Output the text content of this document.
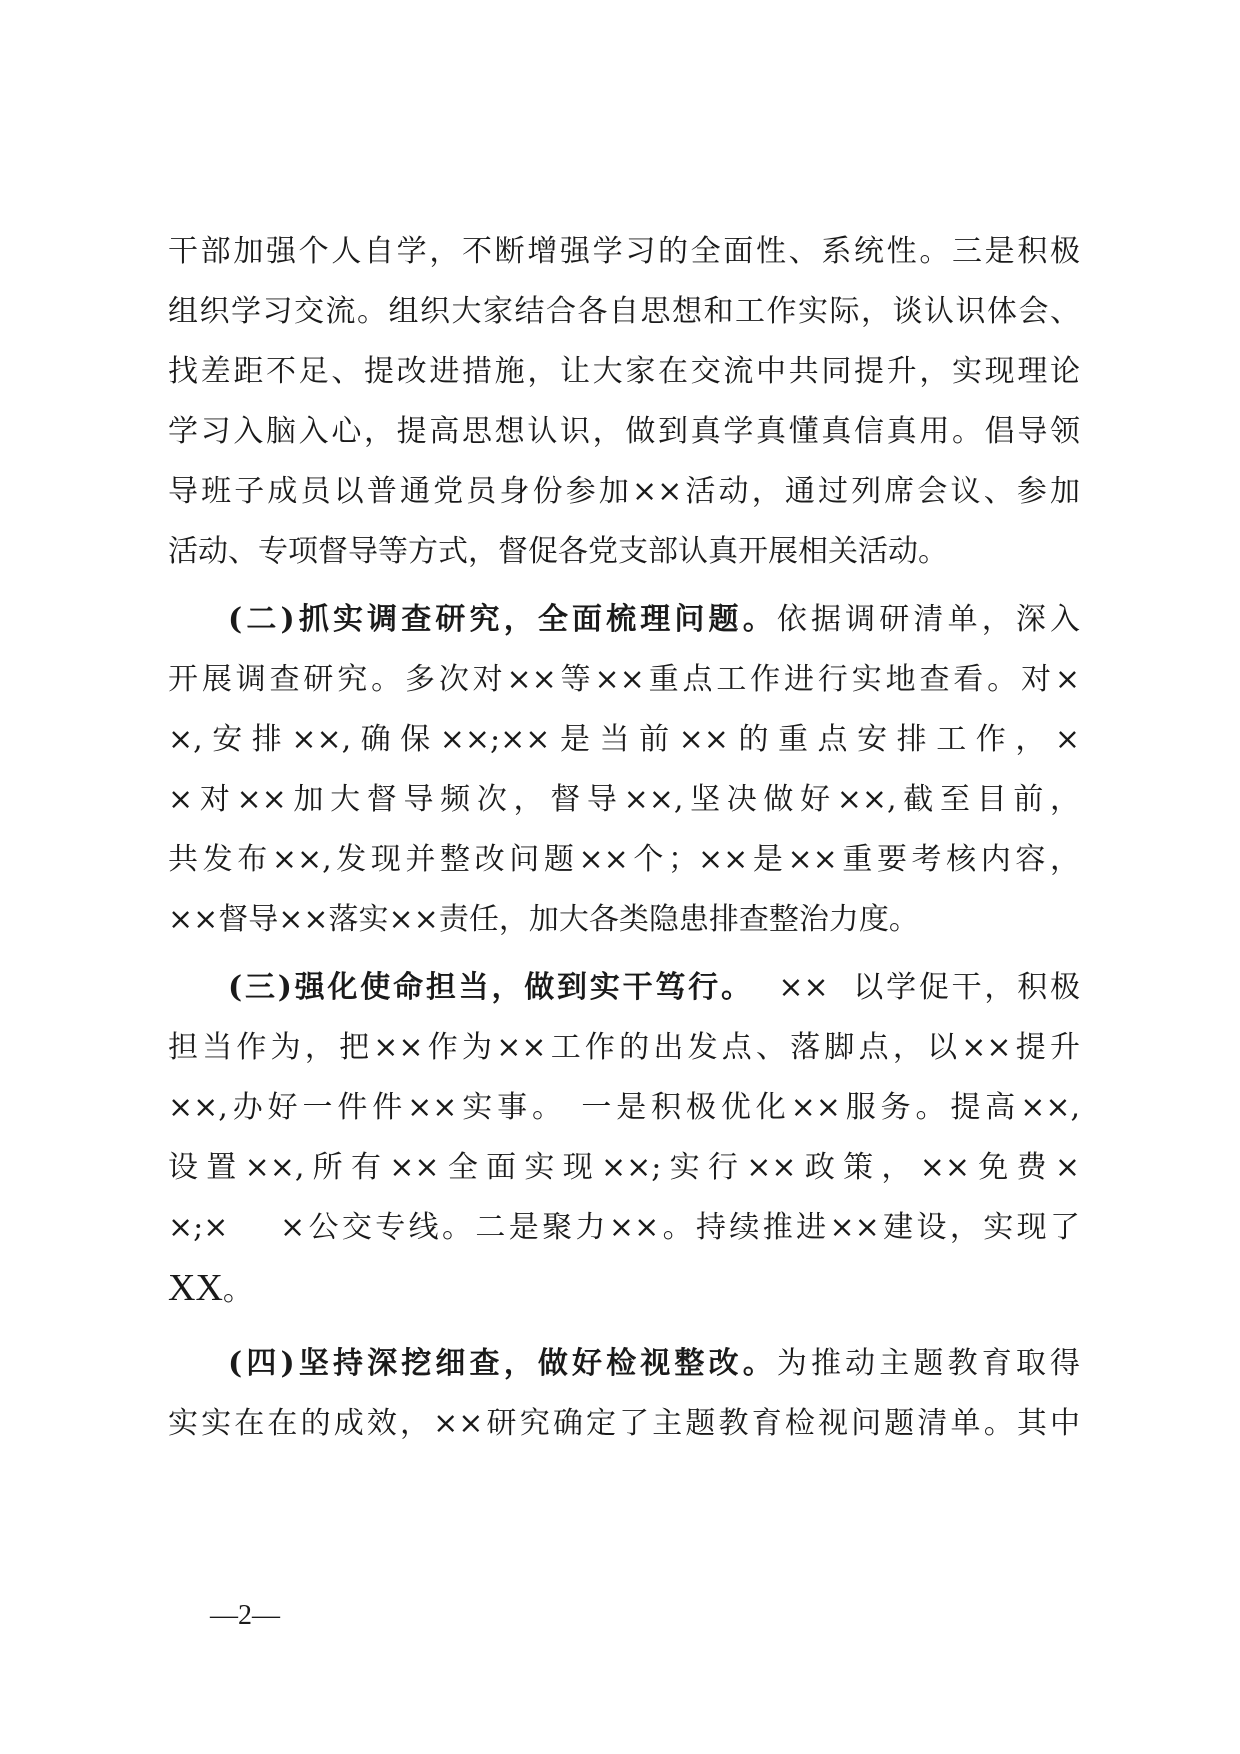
干部加强个人自学，不断增强学习的全面性、系统性。三是积极
组织学习交流。组织大家结合各自思想和工作实际，谈认识体会、
找差距不足、提改进措施，让大家在交流中共同提升，实现理论
学习入脑入心，提高思想认识，做到真学真懂真信真用。倡导领
导班子成员以普通党员身份参加××活动，通过列席会议、参加
活动、专项督导等方式，督促各党支部认真开展相关活动。
(二)抓实调查研究，全面梳理问题。依据调研清单，深入
开展调查研究。多次对××等××重点工作进行实地查看。对×
×,安排××,确保××;××是当前××的重点安排工作，×
×对××加大督导频次，督导××,坚决做好××,截至目前，
共发布××,发现并整改问题××个；××是××重要考核内容，
××督导××落实××责任，加大各类隐患排查整治力度。
(三)强化使命担当，做到实干笃行。  ××  以学促干，积极
担当作为，把××作为××工作的出发点、落脚点，以××提升
××,办好一件件××实事。 一是积极优化××服务。提高××,
设置××,所有××全面实现××;实行××政策，××免费×
×;×    ×公交专线。二是聚力××。持续推进××建设，实现了
XX。
(四)坚持深挖细查，做好检视整改。为推动主题教育取得
实实在在的成效，××研究确定了主题教育检视问题清单。其中
—2—
